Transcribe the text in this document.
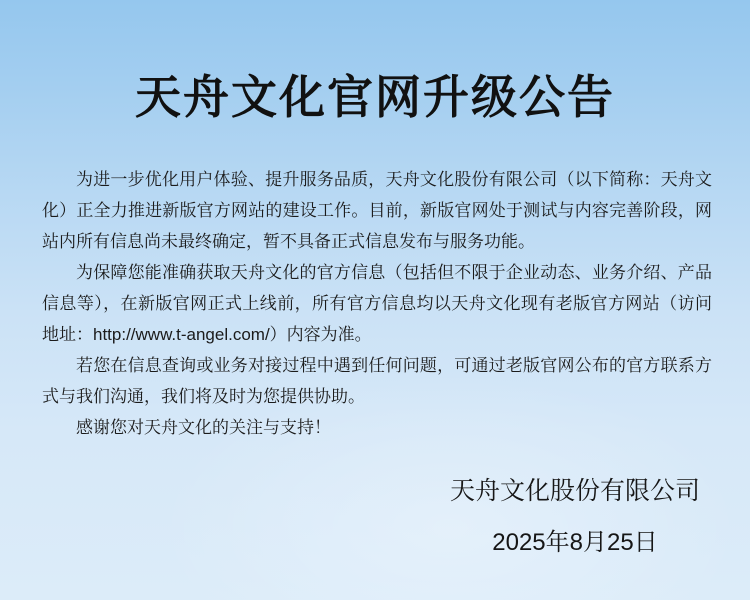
天舟文化官网升级公告

为进一步优化用户体验、提升服务品质，天舟文化股份有限公司（以下简称：天舟文化）正全力推进新版官方网站的建设工作。目前，新版官网处于测试与内容完善阶段，网站内所有信息尚未最终确定，暂不具备正式信息发布与服务功能。

为保障您能准确获取天舟文化的官方信息（包括但不限于企业动态、业务介绍、产品信息等），在新版官网正式上线前，所有官方信息均以天舟文化现有老版官方网站（访问地址：http://www.t-angel.com/）内容为准。

若您在信息查询或业务对接过程中遇到任何问题，可通过老版官网公布的官方联系方式与我们沟通，我们将及时为您提供协助。

感谢您对天舟文化的关注与支持！

天舟文化股份有限公司
2025年8月25日
